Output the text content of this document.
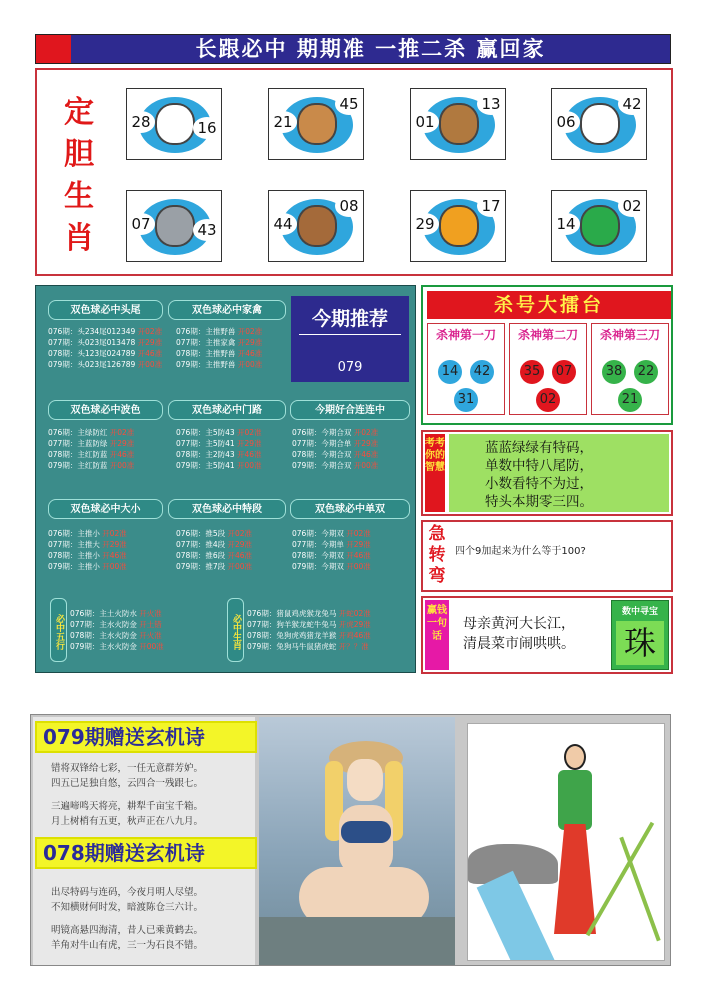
长跟必中 期期准 一推二杀 赢回家
定
胆
生
肖
28	16	21
45
01
13
06
42
07	43	44
08
29
17
14
02
双色球必中头尾
076期：头234尾012349 开02准
077期：头023尾013478 开29准
078期：头123尾024789 开46准
079期：头023尾126789 开00准
双色球必中家禽
076期：主推野兽 开02准
077期：主推家禽 开29准
078期：主推野兽 开46准
079期：主推野兽 开00准
今期推荐
079
双色球必中波色
076期：主绿防红 开02准
077期：主蓝防绿 开29准
078期：主红防蓝 开46准
079期：主红防蓝 开00准
双色球必中门路
076期：主5防43 开02准
077期：主5防41 开29准
078期：主2防43 开46准
079期：主5防41 开00准
今期好合连连中
076期：今期合双 开02准
077期：今期合单 开29准
078期：今期合双 开46准
079期：今期合双 开00准
双色球必中大小
076期：主推小 开02准
077期：主推大 开29准
078期：主推小 开46准
079期：主推小 开00准
双色球必中特段
076期：推5段 开02准
077期：推4段 开29准
078期：推6段 开46准
079期：推7段 开00准
双色球必中单双
076期：今期双 开02准
077期：今期单 开29准
078期：今期双 开46准
079期：今期双 开00准
必中五行
076期：主土火防水 开火准
077期：主水火防金 开土错
078期：主水火防金 开火准
079期：主水火防金 开00准	必中生肖
076期：猪鼠鸡虎猴龙兔马 开蛇02准
077期：狗羊猴龙蛇牛兔马 开虎29准
078期：兔狗虎鸡猪龙羊猴 开鸡46准
079期：兔狗马牛鼠猪虎蛇 开？？准
杀号大擂台
杀神第一刀
14 42
31
杀神第二刀
35 07
02
杀神第三刀
38 22
21
考考你的智慧
蓝蓝绿绿有特码，
单数中特八尾防，
小数看特不为过，
特头本期零三四。
急转弯
四个9加起来为什么等于100?
赢钱一句话
母亲黄河大长江，
清晨菜市闹哄哄。
数中寻宝
珠
079期赠送玄机诗
错将双锋给七彩，一任无意群芳妒。
四五已足独自悠，云四合一残跟七。
三遍啼鸣天将亮，耕犁千亩宝千箱。
月上树梢有五更，秋声正在八九月。
078期赠送玄机诗
出尽特码与连码，今夜月明人尽望。
不知横财何时发，暗渡陈仓三六计。
明镜高悬四海清，昔人已乘黄鹤去。
羊角对牛山有虎，三一为石良不错。
